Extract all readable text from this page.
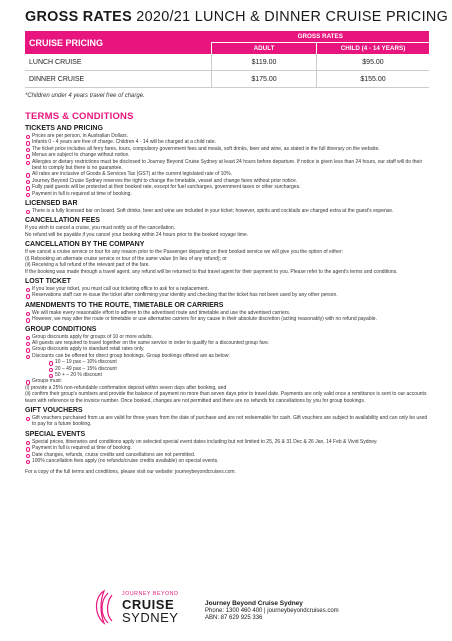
GROSS RATES 2020/21 LUNCH & DINNER CRUISE PRICING
CRUISE PRICING	GROSS RATES	
	ADULT	CHILD (4 - 14 YEARS)
LUNCH CRUISE	$119.00	$95.00
DINNER CRUISE	$175.00	$155.00
*Children under 4 years travel free of charge.
TERMS & CONDITIONS
TICKETS AND PRICING
Prices are per person, in Australian Dollars.
Infants 0 - 4 years are free of charge. Children 4 - 14 will be charged at a child rate.
The ticket price includes all ferry fares, tours, compulsory government fees and meals, soft drinks, beer and wine, as stated in the full itinerary on the website.
Menus are subject to change without notice.
Allergies or dietary restrictions must be disclosed to Journey Beyond Cruise Sydney at least 24 hours before departure. If notice is given less than 24 hours, our staff will do their best to comply but there is no guarantee.
All rates are inclusive of Goods & Services Tax (GST) at the current legislated rate of 10%.
Journey Beyond Cruise Sydney reserves the right to change the timetable, vessel and change fares without prior notice.
Fully paid guests will be protected at their booked rate, except for fuel surcharges, government taxes or other surcharges.
Payment in full is required at time of booking.
LICENSED BAR
There is a fully licensed bar on board. Soft drinks, beer and wine are included in your ticket; however, spirits and cocktails are charged extra at the guest's expense.
CANCELLATION FEES

If you wish to cancel a cruise, you must notify us of the cancellation.

No refund will be payable if you cancel your booking within 24 hours prior to the booked voyage time.

CANCELLATION BY THE COMPANY

If we cancel a cruise service or tour for any reason prior to the Passenger departing on their booked service we will give you the option of either:

(i) Rebooking an alternate cruise service or tour of the same value (in lieu of any refund); or

(ii) Receiving a full refund of the relevant part of the fare.

If the booking was made through a travel agent, any refund will be returned to that travel agent for their payment to you. Please refer to the agent's terms and conditions.

LOST TICKET
If you lose your ticket, you must call our ticketing office to ask for a replacement.
Reservations staff can re-issue the ticket after confirming your identity and checking that the ticket has not been used by any other person.
AMENDMENTS TO THE ROUTE, TIMETABLE OR CARRIERS
We will make every reasonable effort to adhere to the advertised route and timetable and use the advertised carriers.
However, we may alter the route or timetable or use alternative carriers for any cause in their absolute discretion (acting reasonably) with no refund payable.
GROUP CONDITIONS
Group discounts apply for groups of 10 or more adults.
All guests are required to travel together on the same service in order to qualify for a discounted group fare.
Group discounts apply to standard retail rates only.
Discounts can be offered for direct group bookings. Group bookings offered are as below:
10 – 19 pax – 10% discount
20 – 49 pax – 15% discount
50 + – 20 % discount
Groups must:

(i) provide a 25% non-refundable confirmation deposit within seven days after booking, and

(ii) confirm their group's numbers and provide the balance of payment no more than seven days prior to travel date. Payments are only valid once a remittance is sent to our accounts team with reference to the invoice number. Once booked, changes are not permitted and there are no refunds for cancellations by you for group bookings.

GIFT VOUCHERS
Gift vouchers purchased from us are valid for three years from the date of purchase and are not redeemable for cash. Gift vouchers are subject to availability and can only be used to pay for a future booking.
SPECIAL EVENTS
Special prices, itineraries and conditions apply on selected special event dates including but not limited to 25, 26 & 31 Dec & 26 Jan, 14 Feb & Vivid Sydney.
Payment in full is required at time of booking.
Date changes, refunds, cruise credits and cancellations are not permitted.
100% cancellation fees apply (no refunds/cruise credits available) on special events.
For a copy of the full terms and conditions, please visit our website: journeybeyondcruises.com.
JOURNEY BEYOND
CRUISE
SYDNEY
Journey Beyond Cruise Sydney
Phone: 1300 460 400 | journeybeyondcruises.com
ABN: 87 629 925 336
